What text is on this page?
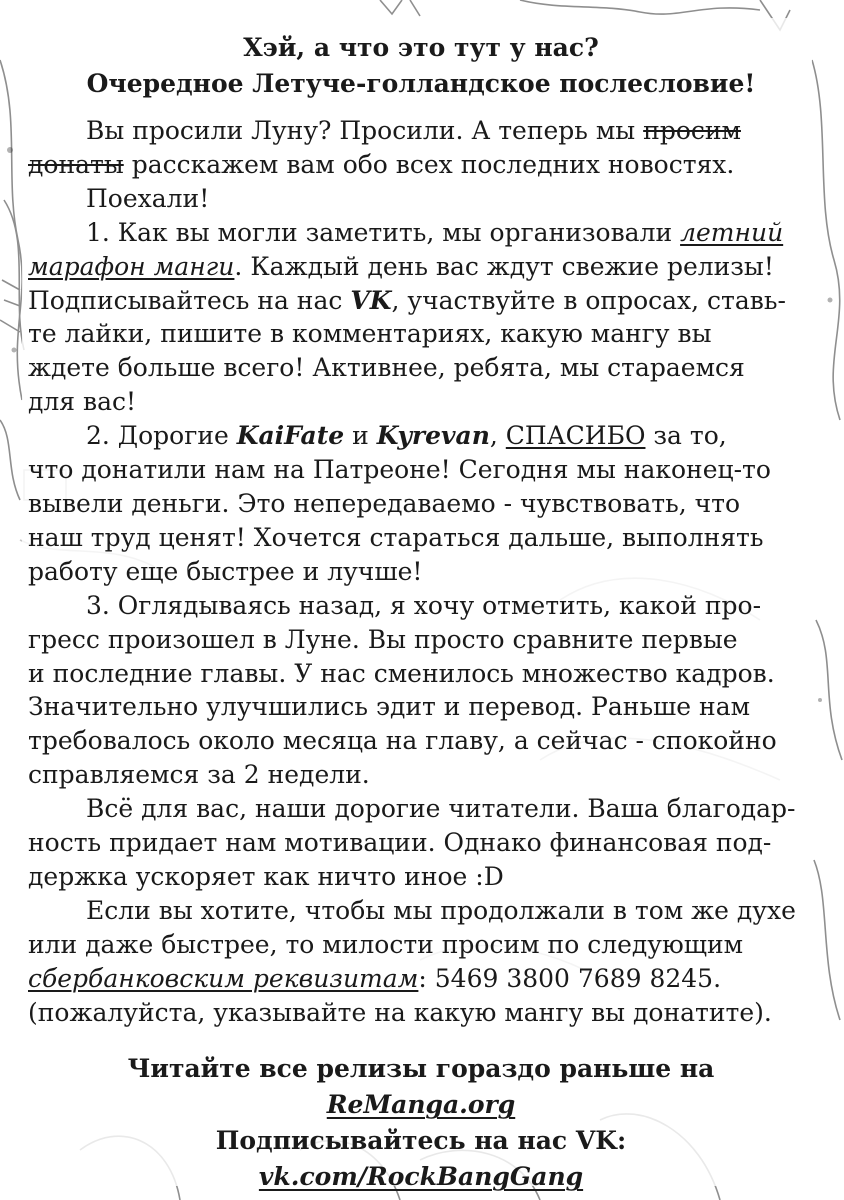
Хэй, а что это тут у нас?
Очередное Летуче-голландское послесловие!
Вы просили Луну? Просили. А теперь мы просим
донаты расскажем вам обо всех последних новостях.
Поехали!
1. Как вы могли заметить, мы организовали летний
марафон манги. Каждый день вас ждут свежие релизы!
Подписывайтесь на нас VK, участвуйте в опросах, ставь-
те лайки, пишите в комментариях, какую мангу вы
ждете больше всего! Активнее, ребята, мы стараемся
для вас!
2. Дорогие KaiFate и Kyrevan, СПАСИБО за то,
что донатили нам на Патреоне! Сегодня мы наконец-то
вывели деньги. Это непередаваемо - чувствовать, что
наш труд ценят! Хочется стараться дальше, выполнять
работу еще быстрее и лучше!
3. Оглядываясь назад, я хочу отметить, какой про-
гресс произошел в Луне. Вы просто сравните первые
и последние главы. У нас сменилось множество кадров.
Значительно улучшились эдит и перевод. Раньше нам
требовалось около месяца на главу, а сейчас - спокойно
справляемся за 2 недели.
Всё для вас, наши дорогие читатели. Ваша благодар-
ность придает нам мотивации. Однако финансовая под-
держка ускоряет как ничто иное :D
Если вы хотите, чтобы мы продолжали в том же духе
или даже быстрее, то милости просим по следующим
сбербанковским реквизитам: 5469 3800 7689 8245.
(пожалуйста, указывайте на какую мангу вы донатите).
Читайте все релизы гораздо раньше на
ReManga.org
Подписывайтесь на нас VK:
vk.com/RockBangGang
